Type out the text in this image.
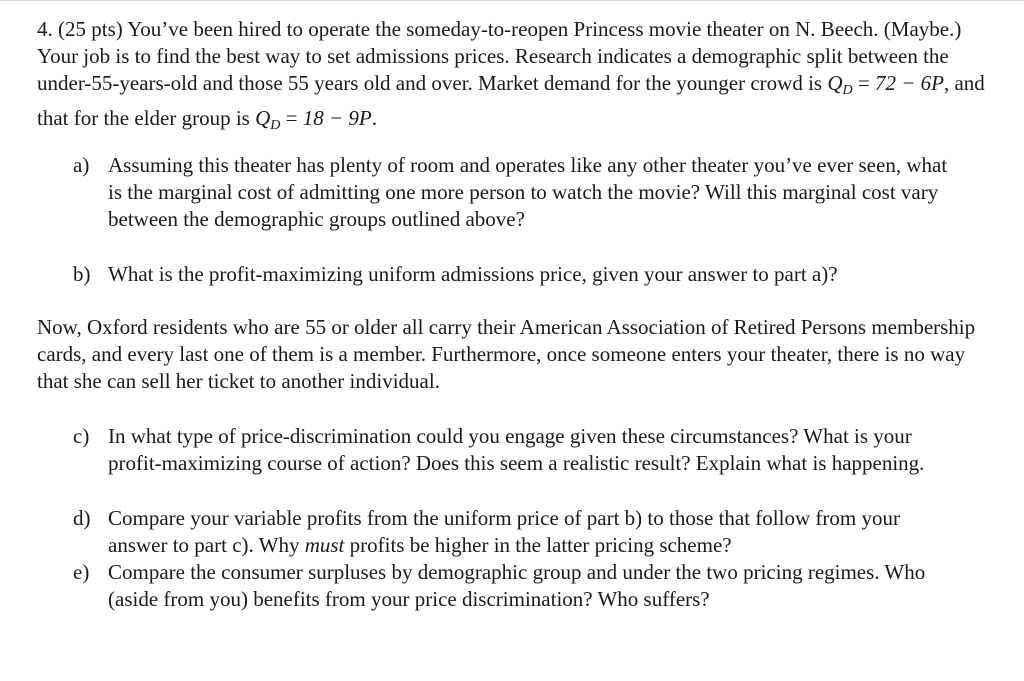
4. (25 pts) You’ve been hired to operate the someday-to-reopen Princess movie theater on N. Beech. (Maybe.) Your job is to find the best way to set admissions prices. Research indicates a demographic split between the under-55-years-old and those 55 years old and over. Market demand for the younger crowd is $Q_D = 72 - 6P$, and that for the elder group is $Q_D = 18 - 9P$.

a) Assuming this theater has plenty of room and operates like any other theater you’ve ever seen, what is the marginal cost of admitting one more person to watch the movie? Will this marginal cost vary between the demographic groups outlined above?

b) What is the profit-maximizing uniform admissions price, given your answer to part a)?

Now, Oxford residents who are 55 or older all carry their American Association of Retired Persons membership cards, and every last one of them is a member. Furthermore, once someone enters your theater, there is no way that she can sell her ticket to another individual.

c) In what type of price-discrimination could you engage given these circumstances? What is your profit-maximizing course of action? Does this seem a realistic result? Explain what is happening.

d) Compare your variable profits from the uniform price of part b) to those that follow from your answer to part c). Why must profits be higher in the latter pricing scheme?

e) Compare the consumer surpluses by demographic group and under the two pricing regimes. Who (aside from you) benefits from your price discrimination? Who suffers?
